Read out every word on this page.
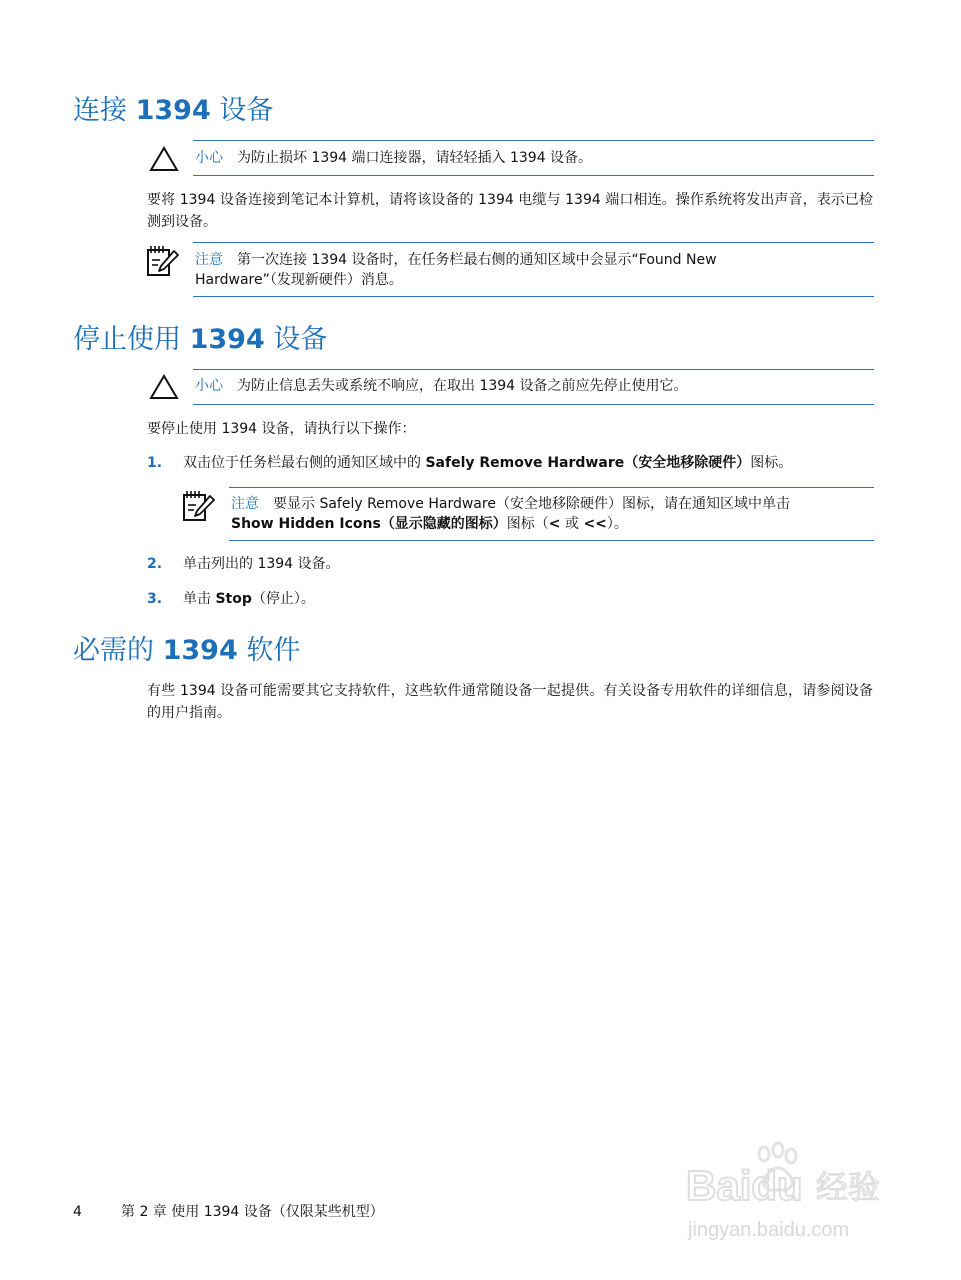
连接 1394 设备
小心 为防止损坏 1394 端口连接器，请轻轻插入 1394 设备。

要将 1394 设备连接到笔记本计算机，请将该设备的 1394 电缆与 1394 端口相连。操作系统将发出声音，表示已检测到设备。

注意 第一次连接 1394 设备时，在任务栏最右侧的通知区域中会显示“Found New Hardware”（发现新硬件）消息。
停止使用 1394 设备
小心 为防止信息丢失或系统不响应，在取出 1394 设备之前应先停止使用它。

要停止使用 1394 设备，请执行以下操作：

1. 双击位于任务栏最右侧的通知区域中的 Safely Remove Hardware（安全地移除硬件）图标。
注意 要显示 Safely Remove Hardware（安全地移除硬件）图标，请在通知区域中单击
Show Hidden Icons（显示隐藏的图标）图标（< 或 <<）。
2. 单击列出的 1394 设备。
3. 单击 Stop（停止）。
必需的 1394 软件

有些 1394 设备可能需要其它支持软件，这些软件通常随设备一起提供。有关设备专用软件的详细信息，请参阅设备的用户指南。

4	第 2 章 使用 1394 设备（仅限某些机型）
Baidu 经验
jingyan.baidu.com
